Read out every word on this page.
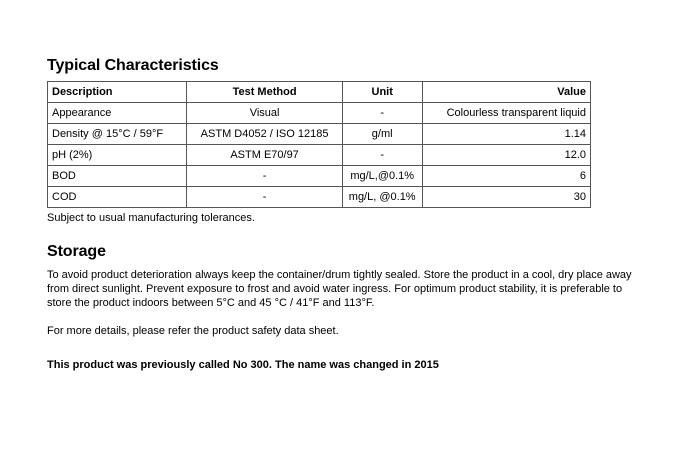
Typical Characteristics
Description	Test Method	Unit	Value
Appearance	Visual	-	Colourless transparent liquid
Density @ 15°C / 59°F	ASTM D4052 / ISO 12185	g/ml	1.14
pH (2%)	ASTM E70/97	-	12.0
BOD	-	mg/L,@0.1%	6
COD	-	mg/L, @0.1%	30
Subject to usual manufacturing tolerances.
Storage
To avoid product deterioration always keep the container/drum tightly sealed. Store the product in a cool, dry place away from direct sunlight. Prevent exposure to frost and avoid water ingress. For optimum product stability, it is preferable to store the product indoors between 5°C and 45 °C / 41°F and 113°F.
For more details, please refer the product safety data sheet.
This product was previously called No 300. The name was changed in 2015
